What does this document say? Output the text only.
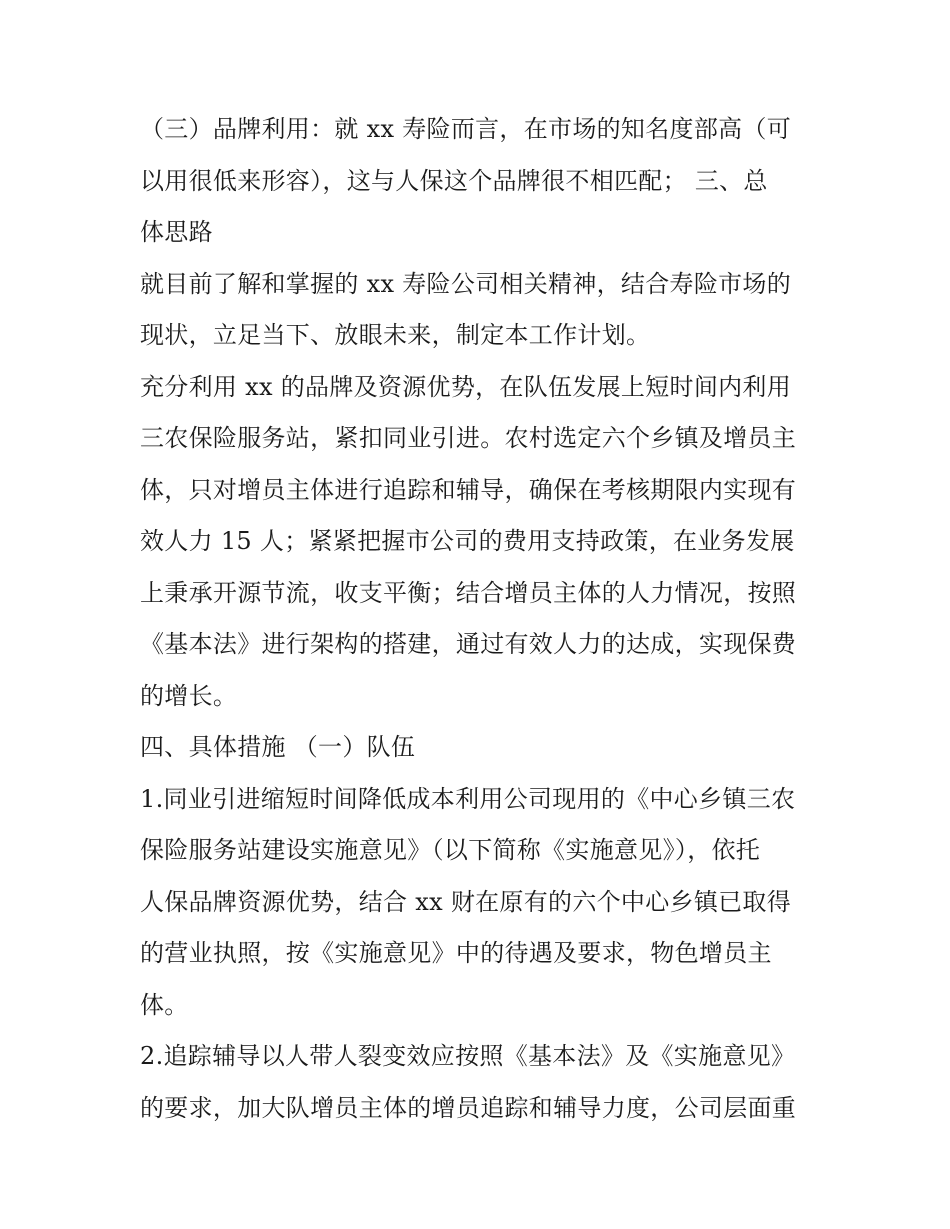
（三）品牌利用：就 xx 寿险而言，在市场的知名度部高（可
以用很低来形容），这与人保这个品牌很不相匹配； 三、总
体思路
就目前了解和掌握的 xx 寿险公司相关精神，结合寿险市场的
现状，立足当下、放眼未来，制定本工作计划。
充分利用 xx 的品牌及资源优势，在队伍发展上短时间内利用
三农保险服务站，紧扣同业引进。农村选定六个乡镇及增员主
体，只对增员主体进行追踪和辅导，确保在考核期限内实现有
效人力 15 人；紧紧把握市公司的费用支持政策，在业务发展
上秉承开源节流，收支平衡；结合增员主体的人力情况，按照
《基本法》进行架构的搭建，通过有效人力的达成，实现保费
的增长。
四、具体措施 （一）队伍
1.同业引进缩短时间降低成本利用公司现用的《中心乡镇三农
保险服务站建设实施意见》（以下简称《实施意见》），依托
人保品牌资源优势，结合 xx 财在原有的六个中心乡镇已取得
的营业执照，按《实施意见》中的待遇及要求，物色增员主
体。
2.追踪辅导以人带人裂变效应按照《基本法》及《实施意见》
的要求，加大队增员主体的增员追踪和辅导力度，公司层面重
